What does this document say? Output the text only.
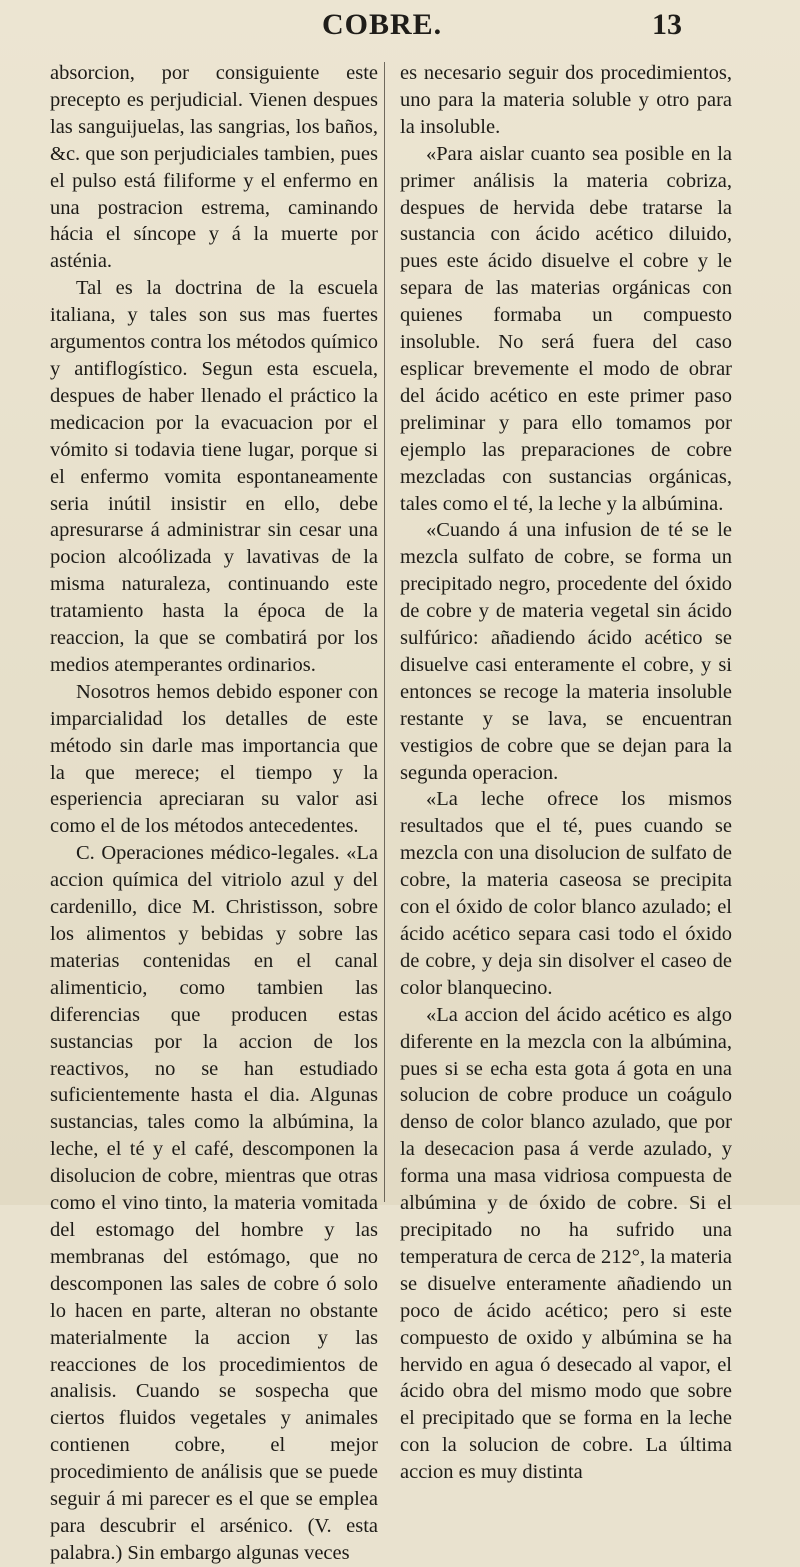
COBRE.	13

absorcion, por consiguiente este precepto es perjudicial. Vienen despues las sanguijuelas, las sangrias, los baños, &c. que son perjudiciales tambien, pues el pulso está filiforme y el enfermo en una postracion estrema, caminando hácia el síncope y á la muerte por asténia.

Tal es la doctrina de la escuela italiana, y tales son sus mas fuertes argumentos contra los métodos químico y antiflogístico. Segun esta escuela, despues de haber llenado el práctico la medicacion por la evacuacion por el vómito si todavia tiene lugar, porque si el enfermo vomita espontaneamente seria inútil insistir en ello, debe apresurarse á administrar sin cesar una pocion alcoólizada y lavativas de la misma naturaleza, continuando este tratamiento hasta la época de la reaccion, la que se combatirá por los medios atemperantes ordinarios.

Nosotros hemos debido esponer con imparcialidad los detalles de este método sin darle mas importancia que la que merece; el tiempo y la esperiencia apreciaran su valor asi como el de los métodos antecedentes.

C. Operaciones médico-legales. «La accion química del vitriolo azul y del cardenillo, dice M. Christisson, sobre los alimentos y bebidas y sobre las materias contenidas en el canal alimenticio, como tambien las diferencias que producen estas sustancias por la accion de los reactivos, no se han estudiado suficientemente hasta el dia. Algunas sustancias, tales como la albúmina, la leche, el té y el café, descomponen la disolucion de cobre, mientras que otras como el vino tinto, la materia vomitada del estomago del hombre y las membranas del estómago, que no descomponen las sales de cobre ó solo lo hacen en parte, alteran no obstante materialmente la accion y las reacciones de los procedimientos de analisis. Cuando se sospecha que ciertos fluidos vegetales y animales contienen cobre, el mejor procedimiento de análisis que se puede seguir á mi parecer es el que se emplea para descubrir el arsénico. (V. esta palabra.) Sin embargo algunas veces

es necesario seguir dos procedimientos, uno para la materia soluble y otro para la insoluble.

«Para aislar cuanto sea posible en la primer análisis la materia cobriza, despues de hervida debe tratarse la sustancia con ácido acético diluido, pues este ácido disuelve el cobre y le separa de las materias orgánicas con quienes formaba un compuesto insoluble. No será fuera del caso esplicar brevemente el modo de obrar del ácido acético en este primer paso preliminar y para ello tomamos por ejemplo las preparaciones de cobre mezcladas con sustancias orgánicas, tales como el té, la leche y la albúmina.

«Cuando á una infusion de té se le mezcla sulfato de cobre, se forma un precipitado negro, procedente del óxido de cobre y de materia vegetal sin ácido sulfúrico: añadiendo ácido acético se disuelve casi enteramente el cobre, y si entonces se recoge la materia insoluble restante y se lava, se encuentran vestigios de cobre que se dejan para la segunda operacion.

«La leche ofrece los mismos resultados que el té, pues cuando se mezcla con una disolucion de sulfato de cobre, la materia caseosa se precipita con el óxido de color blanco azulado; el ácido acético separa casi todo el óxido de cobre, y deja sin disolver el caseo de color blanquecino.

«La accion del ácido acético es algo diferente en la mezcla con la albúmina, pues si se echa esta gota á gota en una solucion de cobre produce un coágulo denso de color blanco azulado, que por la desecacion pasa á verde azulado, y forma una masa vidriosa compuesta de albúmina y de óxido de cobre. Si el precipitado no ha sufrido una temperatura de cerca de 212°, la materia se disuelve enteramente añadiendo un poco de ácido acético; pero si este compuesto de oxido y albúmina se ha hervido en agua ó desecado al vapor, el ácido obra del mismo modo que sobre el precipitado que se forma en la leche con la solucion de cobre. La última accion es muy distinta
